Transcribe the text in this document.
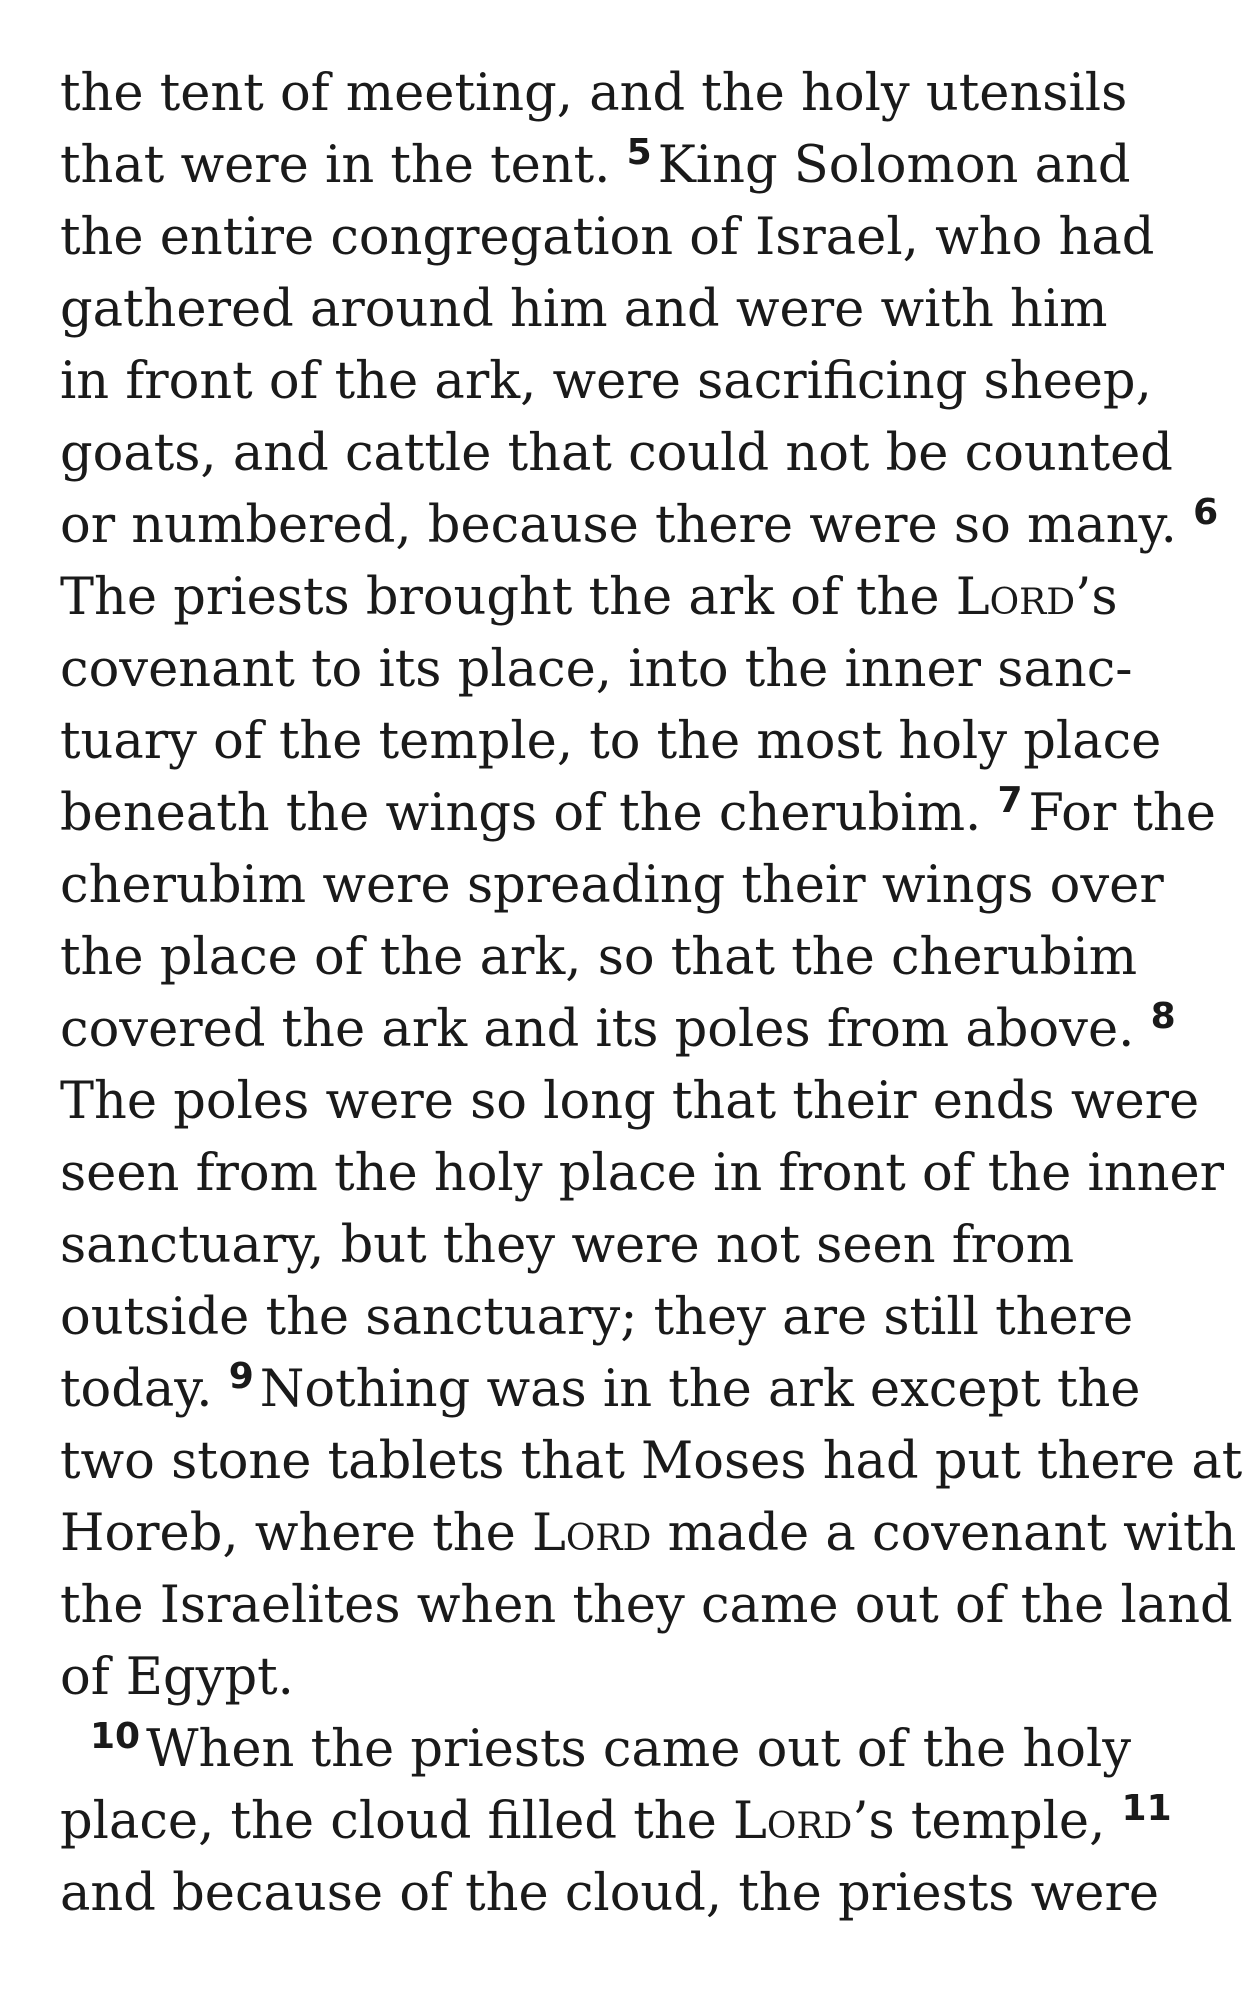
the tent of meeting, and the holy utensils
that were in the tent. $^5$ King Solomon and
the entire congregation of Israel, who had
gathered around him and were with him
in front of the ark, were sacrificing sheep,
goats, and cattle that could not be counted
or numbered, because there were so many. $^6$
The priests brought the ark of the Lord’s
covenant to its place, into the inner sanc-
tuary of the temple, to the most holy place
beneath the wings of the cherubim. $^7$ For the
cherubim were spreading their wings over
the place of the ark, so that the cherubim
covered the ark and its poles from above. $^8$
The poles were so long that their ends were
seen from the holy place in front of the inner
sanctuary, but they were not seen from
outside the sanctuary; they are still there
today. $^9$ Nothing was in the ark except the
two stone tablets that Moses had put there at
Horeb, where the Lord made a covenant with
the Israelites when they came out of the land
of Egypt.
$^{10}$ When the priests came out of the holy
place, the cloud filled the Lord’s temple, $^{11}$
and because of the cloud, the priests were
